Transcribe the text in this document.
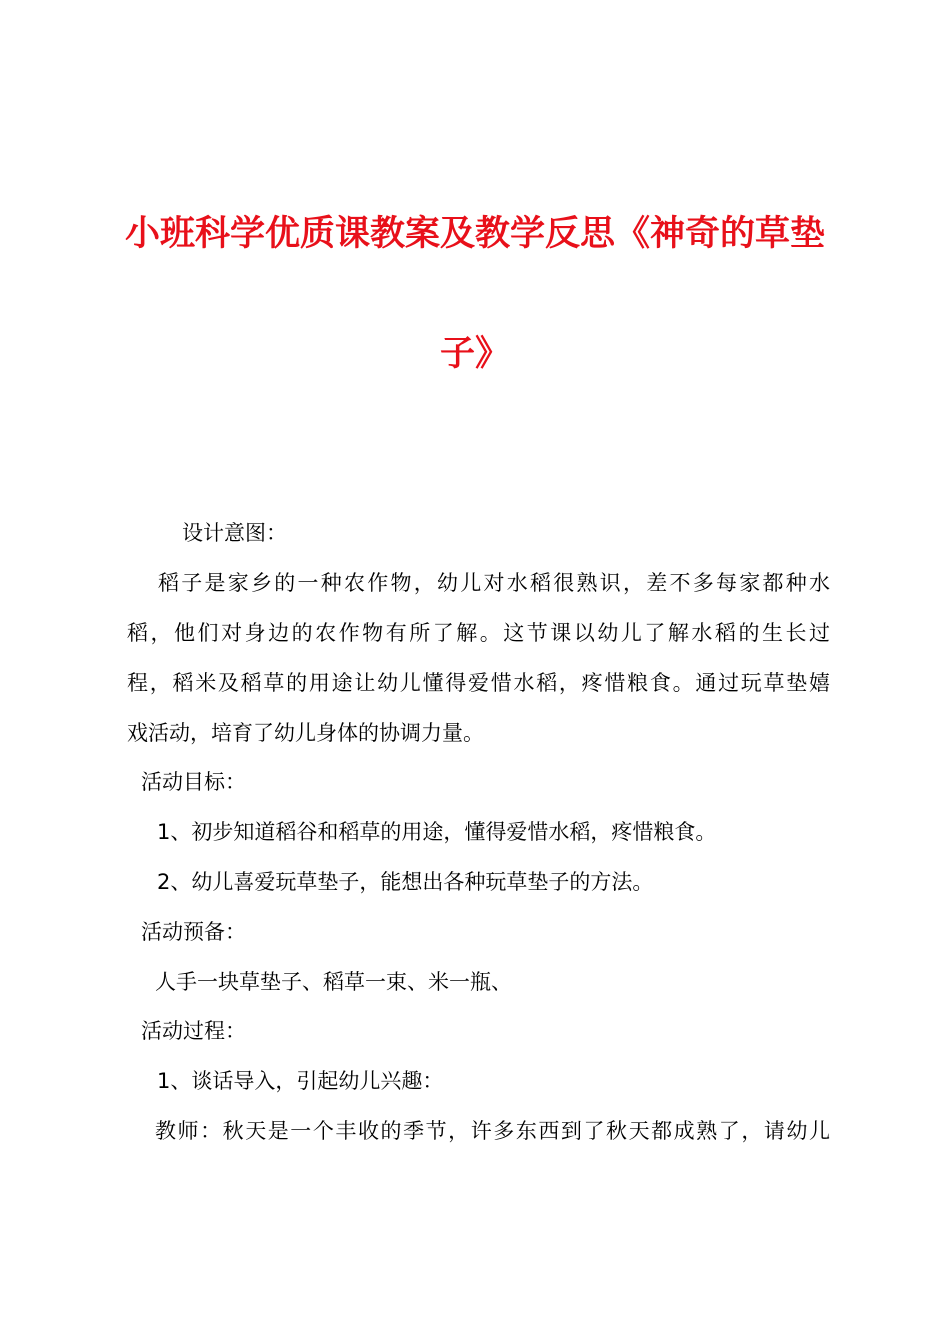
小班科学优质课教案及教学反思《神奇的草垫
子》
设计意图：
稻子是家乡的一种农作物，幼儿对水稻很熟识，差不多每家都种水
稻，他们对身边的农作物有所了解。这节课以幼儿了解水稻的生长过
程，稻米及稻草的用途让幼儿懂得爱惜水稻，疼惜粮食。通过玩草垫嬉
戏活动，培育了幼儿身体的协调力量。
活动目标：
1、初步知道稻谷和稻草的用途，懂得爱惜水稻，疼惜粮食。
2、幼儿喜爱玩草垫子，能想出各种玩草垫子的方法。
活动预备：
人手一块草垫子、稻草一束、米一瓶、
活动过程：
1、谈话导入，引起幼儿兴趣：
教师：秋天是一个丰收的季节，许多东西到了秋天都成熟了，请幼儿
